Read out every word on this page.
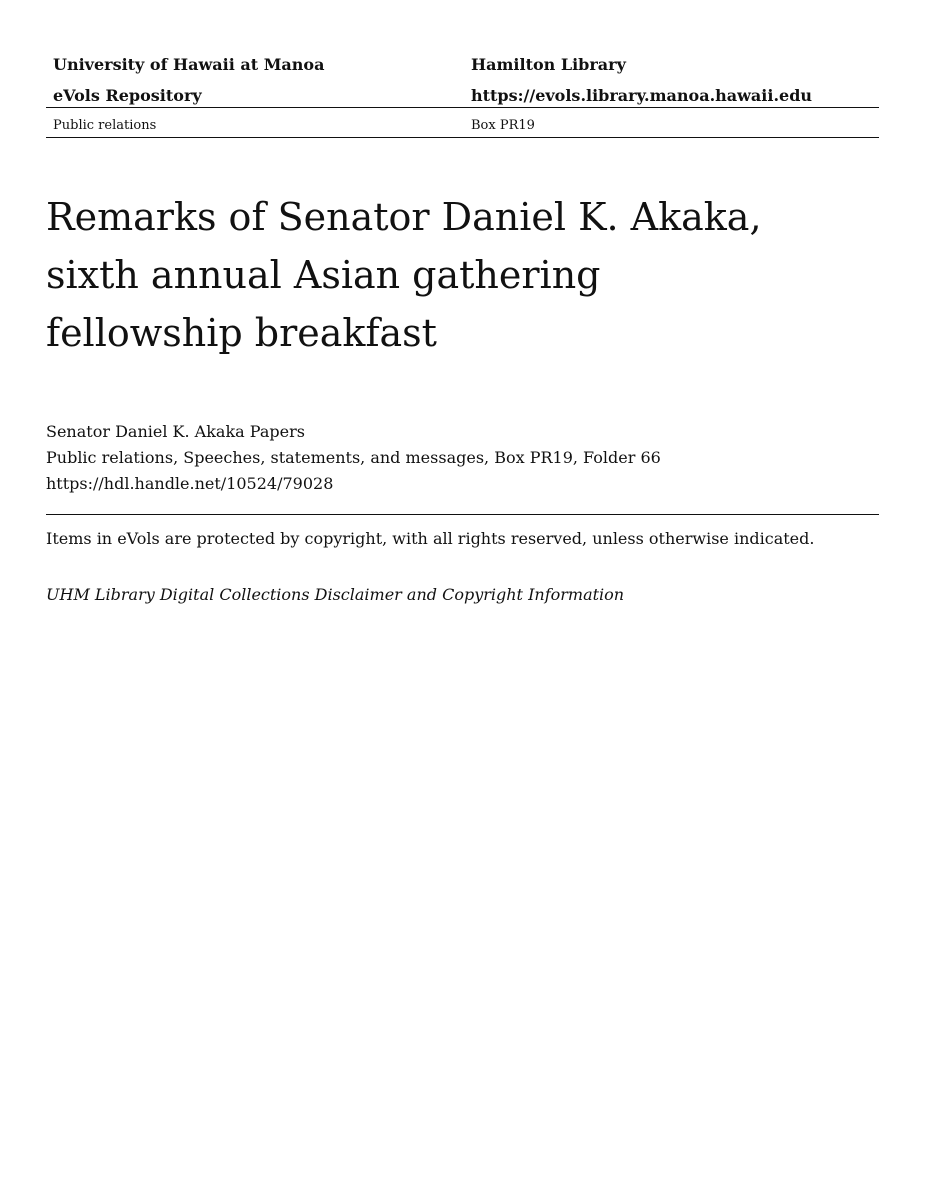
University of Hawaii at Manoa	Hamilton Library
eVols Repository	https://evols.library.manoa.hawaii.edu
Public relations	Box PR19
Remarks of Senator Daniel K. Akaka,
sixth annual Asian gathering
fellowship breakfast
Senator Daniel K. Akaka Papers
Public relations, Speeches, statements, and messages, Box PR19, Folder 66
https://hdl.handle.net/10524/79028
Items in eVols are protected by copyright, with all rights reserved, unless otherwise indicated.
UHM Library Digital Collections Disclaimer and Copyright Information
